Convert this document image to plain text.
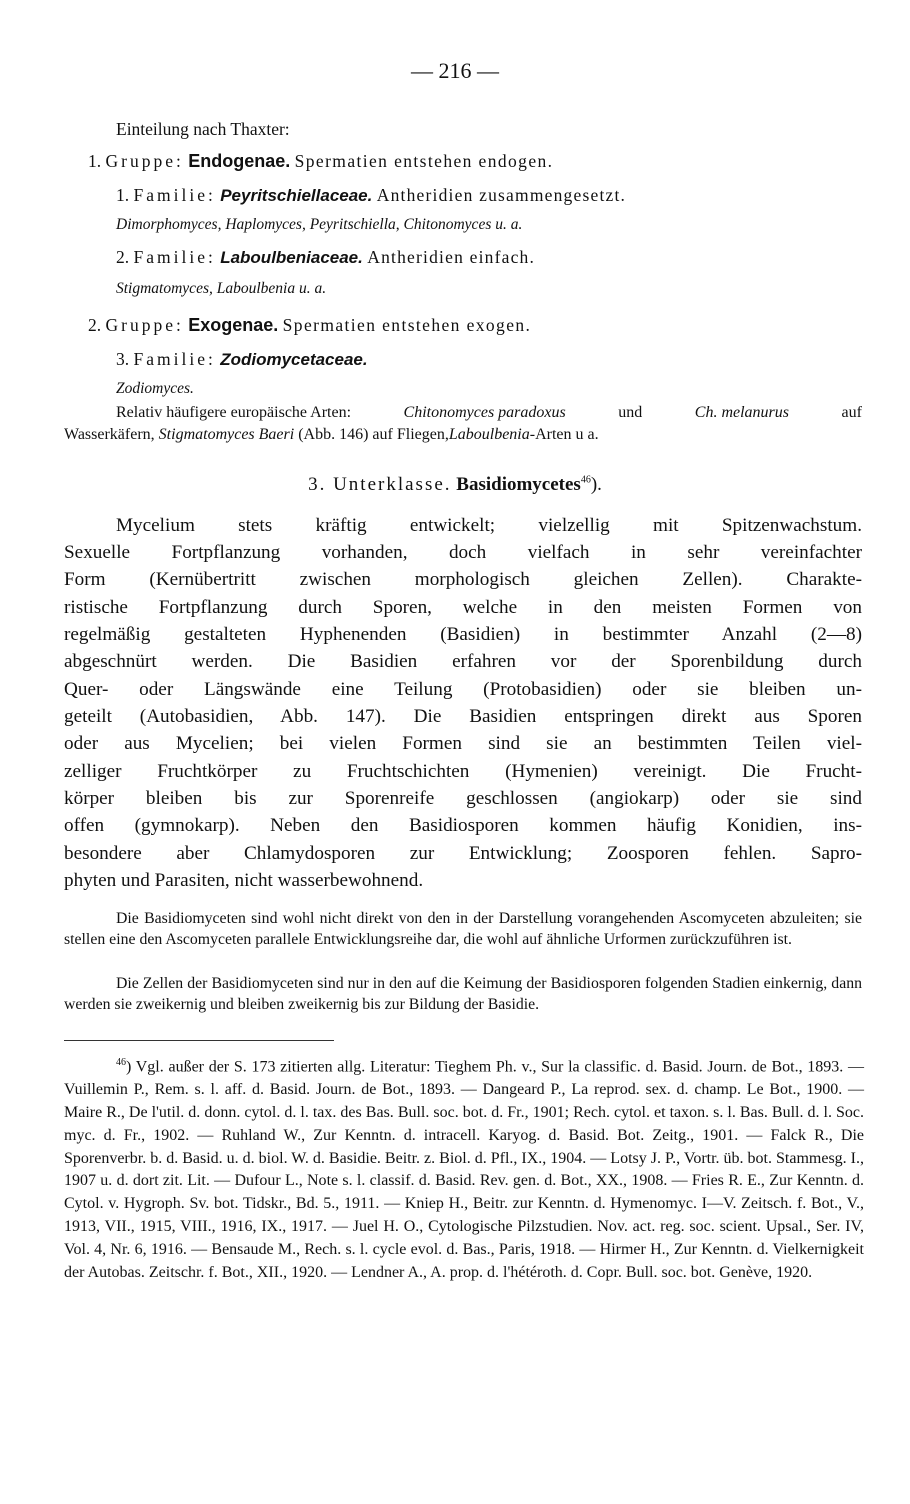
— 216 —
Einteilung nach Thaxter:
1. Gruppe: Endogenae. Spermatien entstehen endogen.
1. Familie: Peyritschiellaceae. Antheridien zusammengesetzt.
Dimorphomyces, Haplomyces, Peyritschiella, Chitonomyces u. a.
2. Familie: Laboulbeniaceae. Antheridien einfach.
Stigmatomyces, Laboulbenia u. a.
2. Gruppe: Exogenae. Spermatien entstehen exogen.
3. Familie: Zodiomycetaceae.
Zodiomyces.
Relativ häufigere europäische Arten:	Chitonomyces paradoxus	und	Ch. melanurus	auf
Wasserkäfern, Stigmatomyces Baeri (Abb. 146) auf Fliegen,Laboulbenia-Arten u a.
3. Unterklasse. Basidiomycetes$^{46}$).
Mycelium stets kräftig entwickelt; vielzellig mit Spitzenwachstum.
Sexuelle Fortpflanzung vorhanden, doch vielfach in sehr vereinfachter
Form (Kernübertritt zwischen morphologisch gleichen Zellen). Charakte-
ristische Fortpflanzung durch Sporen, welche in den meisten Formen von
regelmäßig gestalteten Hyphenenden (Basidien) in bestimmter Anzahl (2—8)
abgeschnürt werden. Die Basidien erfahren vor der Sporenbildung durch
Quer- oder Längswände eine Teilung (Protobasidien) oder sie bleiben un-
geteilt (Autobasidien, Abb. 147). Die Basidien entspringen direkt aus Sporen
oder aus Mycelien; bei vielen Formen sind sie an bestimmten Teilen viel-
zelliger Fruchtkörper zu Fruchtschichten (Hymenien) vereinigt. Die Frucht-
körper bleiben bis zur Sporenreife geschlossen (angiokarp) oder sie sind
offen (gymnokarp). Neben den Basidiosporen kommen häufig Konidien, ins-
besondere aber Chlamydosporen zur Entwicklung; Zoosporen fehlen. Sapro-
phyten und Parasiten, nicht wasserbewohnend.
Die Basidiomyceten sind wohl nicht direkt von den in der Darstellung vorangehenden Ascomyceten abzuleiten; sie stellen eine den Ascomyceten parallele Entwicklungsreihe dar, die wohl auf ähnliche Urformen zurückzuführen ist.
Die Zellen der Basidiomyceten sind nur in den auf die Keimung der Basidiosporen folgenden Stadien einkernig, dann werden sie zweikernig und bleiben zweikernig bis zur Bildung der Basidie.
$^{46}$) Vgl. außer der S. 173 zitierten allg. Literatur: Tieghem Ph. v., Sur la classific. d. Basid. Journ. de Bot., 1893. — Vuillemin P., Rem. s. l. aff. d. Basid. Journ. de Bot., 1893. — Dangeard P., La reprod. sex. d. champ. Le Bot., 1900. — Maire R., De l'util. d. donn. cytol. d. l. tax. des Bas. Bull. soc. bot. d. Fr., 1901; Rech. cytol. et taxon. s. l. Bas. Bull. d. l. Soc. myc. d. Fr., 1902. — Ruhland W., Zur Kenntn. d. intracell. Karyog. d. Basid. Bot. Zeitg., 1901. — Falck R., Die Sporenverbr. b. d. Basid. u. d. biol. W. d. Basidie. Beitr. z. Biol. d. Pfl., IX., 1904. — Lotsy J. P., Vortr. üb. bot. Stammesg. I., 1907 u. d. dort zit. Lit. — Dufour L., Note s. l. classif. d. Basid. Rev. gen. d. Bot., XX., 1908. — Fries R. E., Zur Kenntn. d. Cytol. v. Hygroph. Sv. bot. Tidskr., Bd. 5., 1911. — Kniep H., Beitr. zur Kenntn. d. Hymenomyc. I—V. Zeitsch. f. Bot., V., 1913, VII., 1915, VIII., 1916, IX., 1917. — Juel H. O., Cytologische Pilzstudien. Nov. act. reg. soc. scient. Upsal., Ser. IV, Vol. 4, Nr. 6, 1916. — Bensaude M., Rech. s. l. cycle evol. d. Bas., Paris, 1918. — Hirmer H., Zur Kenntn. d. Vielkernigkeit der Autobas. Zeitschr. f. Bot., XII., 1920. — Lendner A., A. prop. d. l'hétéroth. d. Copr. Bull. soc. bot. Genève, 1920.
